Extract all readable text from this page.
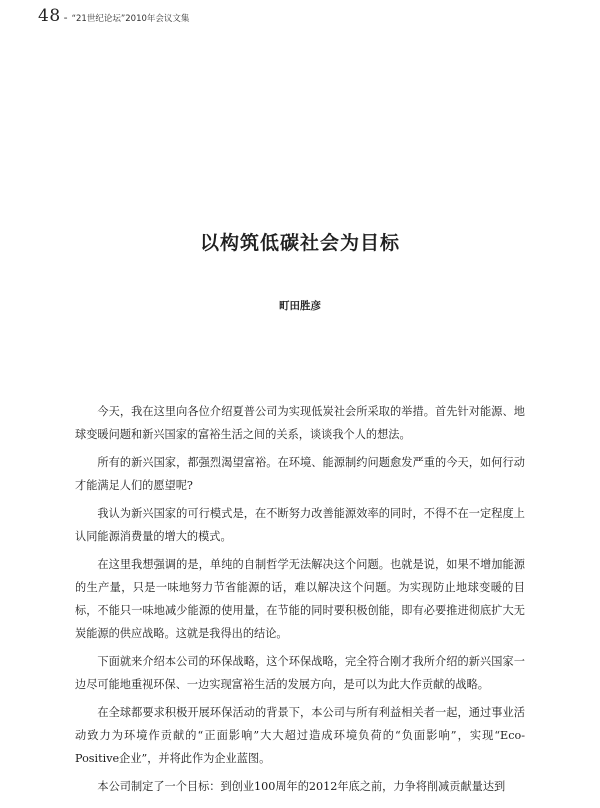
48 - “21世纪论坛”2010年会议文集
以构筑低碳社会为目标
町田胜彦

今天，我在这里向各位介绍夏普公司为实现低炭社会所采取的举措。首先针对能源、地球变暖问题和新兴国家的富裕生活之间的关系，谈谈我个人的想法。

所有的新兴国家，都强烈渴望富裕。在环境、能源制约问题愈发严重的今天，如何行动才能满足人们的愿望呢?

我认为新兴国家的可行模式是，在不断努力改善能源效率的同时，不得不在一定程度上认同能源消费量的增大的模式。

在这里我想强调的是，单纯的自制哲学无法解决这个问题。也就是说，如果不增加能源的生产量，只是一味地努力节省能源的话，难以解决这个问题。为实现防止地球变暖的目标，不能只一味地减少能源的使用量，在节能的同时要积极创能，即有必要推进彻底扩大无炭能源的供应战略。这就是我得出的结论。

下面就来介绍本公司的环保战略，这个环保战略，完全符合刚才我所介绍的新兴国家一边尽可能地重视环保、一边实现富裕生活的发展方向，是可以为此大作贡献的战略。

在全球都要求积极开展环保活动的背景下，本公司与所有利益相关者一起，通过事业活动致力为环境作贡献的“正面影响”大大超过造成环境负荷的“负面影响”，实现“Eco-Positive企业”，并将此作为企业蓝图。

本公司制定了一个目标：到创业100周年的2012年底之前，力争将削减贡献量达到
